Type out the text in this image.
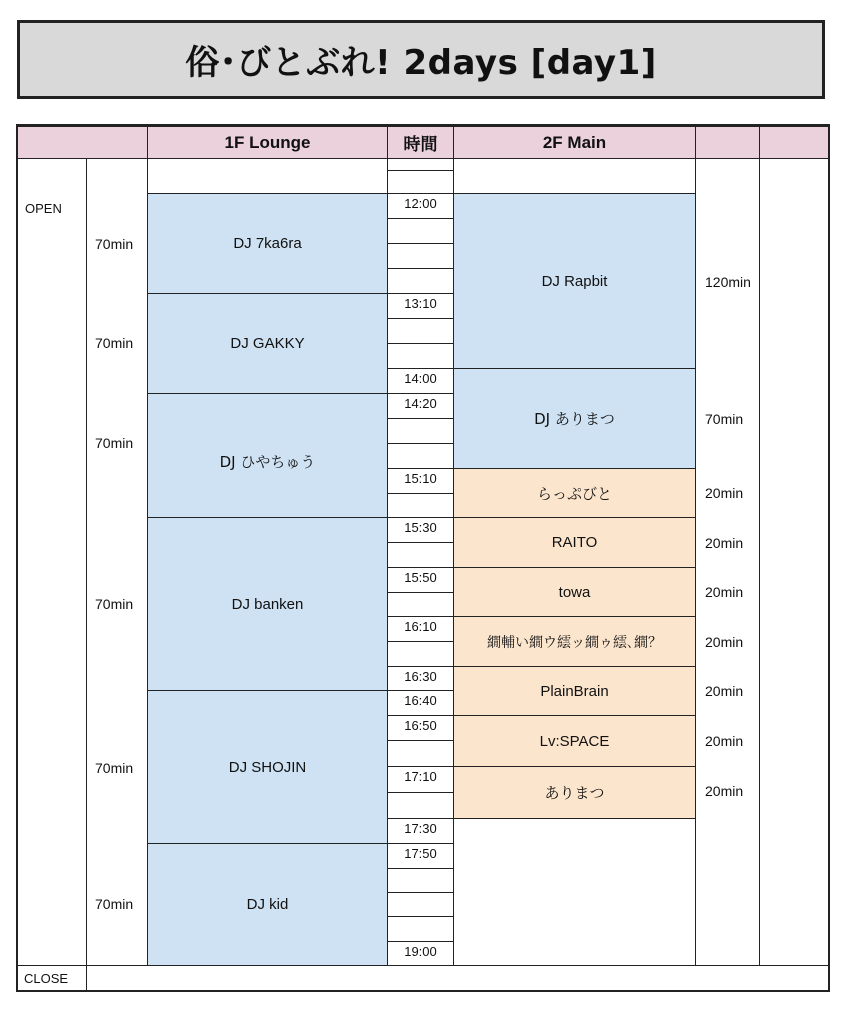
俗･びとぶれ! 2days [day1]
1F Lounge	時間	2F Main
OPEN
CLOSE
DJ 7ka6ra
DJ GAKKY
DJ ひやちゅう
DJ banken
DJ SHOJIN
DJ kid
70min
70min
70min
70min
70min
70min
12:00
13:10
14:00
14:20
15:10
15:30
15:50
16:10
16:30
16:40
16:50
17:10
17:30
17:50
19:00
DJ Rapbit
DJ ありまつ
らっぷびと
RAITO
towa
繝輔い繝ウ繧ッ繝ゥ繧､繝？
PlainBrain
Lv:SPACE
ありまつ
120min
70min
20min
20min
20min
20min
20min
20min
20min
